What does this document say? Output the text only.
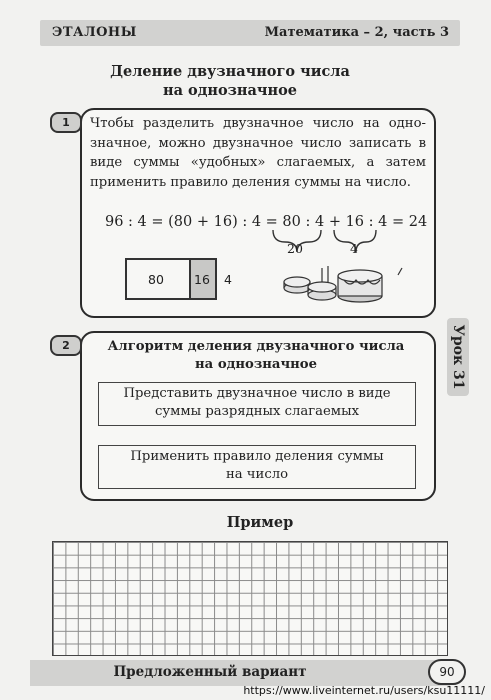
ЭТАЛОНЫ	Математика – 2, часть 3
Деление двузначного числа
на однозначное
1	Чтобы разделить двузначное число на однозначное, можно двузначное число записать в виде суммы «удобных» слагаемых, а затем применить правило деления суммы на число.
96 : 4 = (80 + 16) : 4 = 80 : 4 + 16 : 4 = 24
20	4
80 16 4
2	Алгоритм деления двузначного числа
на однозначное
Представить двузначное число в виде
суммы разрядных слагаемых
Применить правило деления суммы
на число
Урок 31
Пример
Предложенный вариант	90
https://www.liveinternet.ru/users/ksu11111/
